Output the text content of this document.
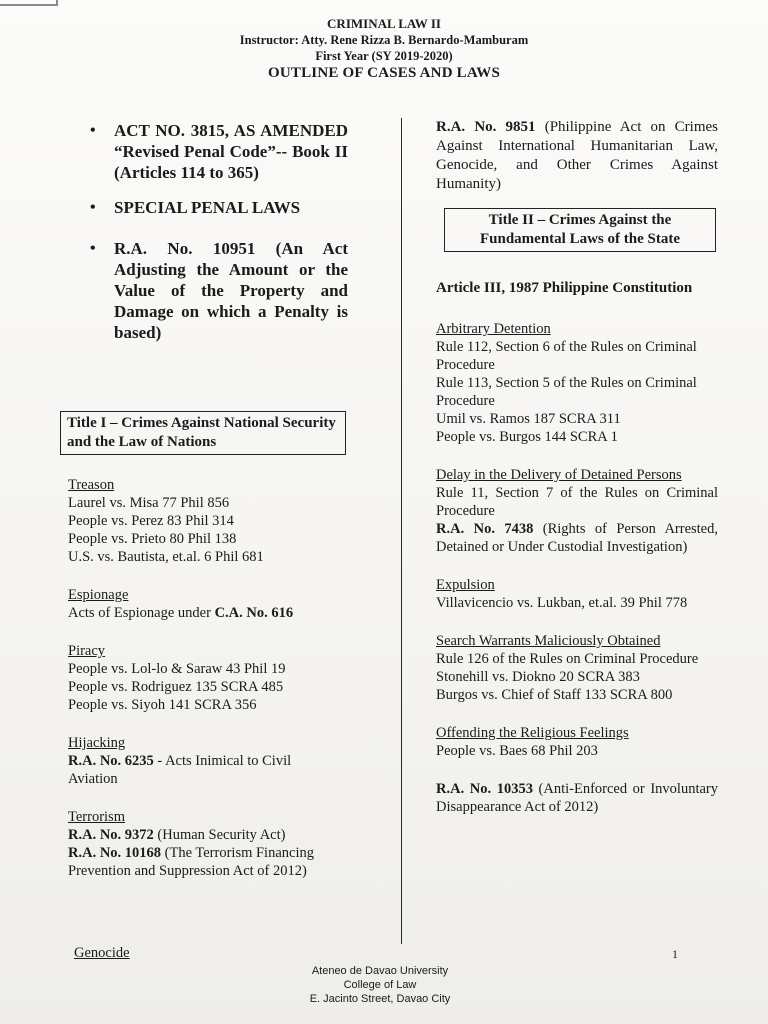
CRIMINAL LAW II
Instructor: Atty. Rene Rizza B. Bernardo-Mamburam
First Year (SY 2019-2020)
OUTLINE OF CASES AND LAWS
• ACT NO. 3815, AS AMENDED “Revised Penal Code”-- Book II (Articles 114 to 365)
• SPECIAL PENAL LAWS
• R.A. No. 10951 (An Act Adjusting the Amount or the Value of the Property and Damage on which a Penalty is based)
Title I – Crimes Against National Security and the Law of Nations
Treason
Laurel vs. Misa 77 Phil 856
People vs. Perez 83 Phil 314
People vs. Prieto 80 Phil 138
U.S. vs. Bautista, et.al. 6 Phil 681
Espionage
Acts of Espionage under C.A. No. 616
Piracy
People vs. Lol-lo & Saraw 43 Phil 19
People vs. Rodriguez 135 SCRA 485
People vs. Siyoh 141 SCRA 356
Hijacking
R.A. No. 6235 - Acts Inimical to Civil Aviation
Terrorism
R.A. No. 9372 (Human Security Act)
R.A. No. 10168 (The Terrorism Financing Prevention and Suppression Act of 2012)
Genocide
R.A. No. 9851 (Philippine Act on Crimes Against International Humanitarian Law, Genocide, and Other Crimes Against Humanity)
Title II – Crimes Against the Fundamental Laws of the State
Article III, 1987 Philippine Constitution
Arbitrary Detention
Rule 112, Section 6 of the Rules on Criminal Procedure
Rule 113, Section 5 of the Rules on Criminal Procedure
Umil vs. Ramos 187 SCRA 311
People vs. Burgos 144 SCRA 1
Delay in the Delivery of Detained Persons
Rule 11, Section 7 of the Rules on Criminal Procedure
R.A. No. 7438 (Rights of Person Arrested, Detained or Under Custodial Investigation)
Expulsion
Villavicencio vs. Lukban, et.al. 39 Phil 778
Search Warrants Maliciously Obtained
Rule 126 of the Rules on Criminal Procedure
Stonehill vs. Diokno 20 SCRA 383
Burgos vs. Chief of Staff 133 SCRA 800
Offending the Religious Feelings
People vs. Baes 68 Phil 203
R.A. No. 10353 (Anti-Enforced or Involuntary Disappearance Act of 2012)
1
Ateneo de Davao University
College of Law
E. Jacinto Street, Davao City
